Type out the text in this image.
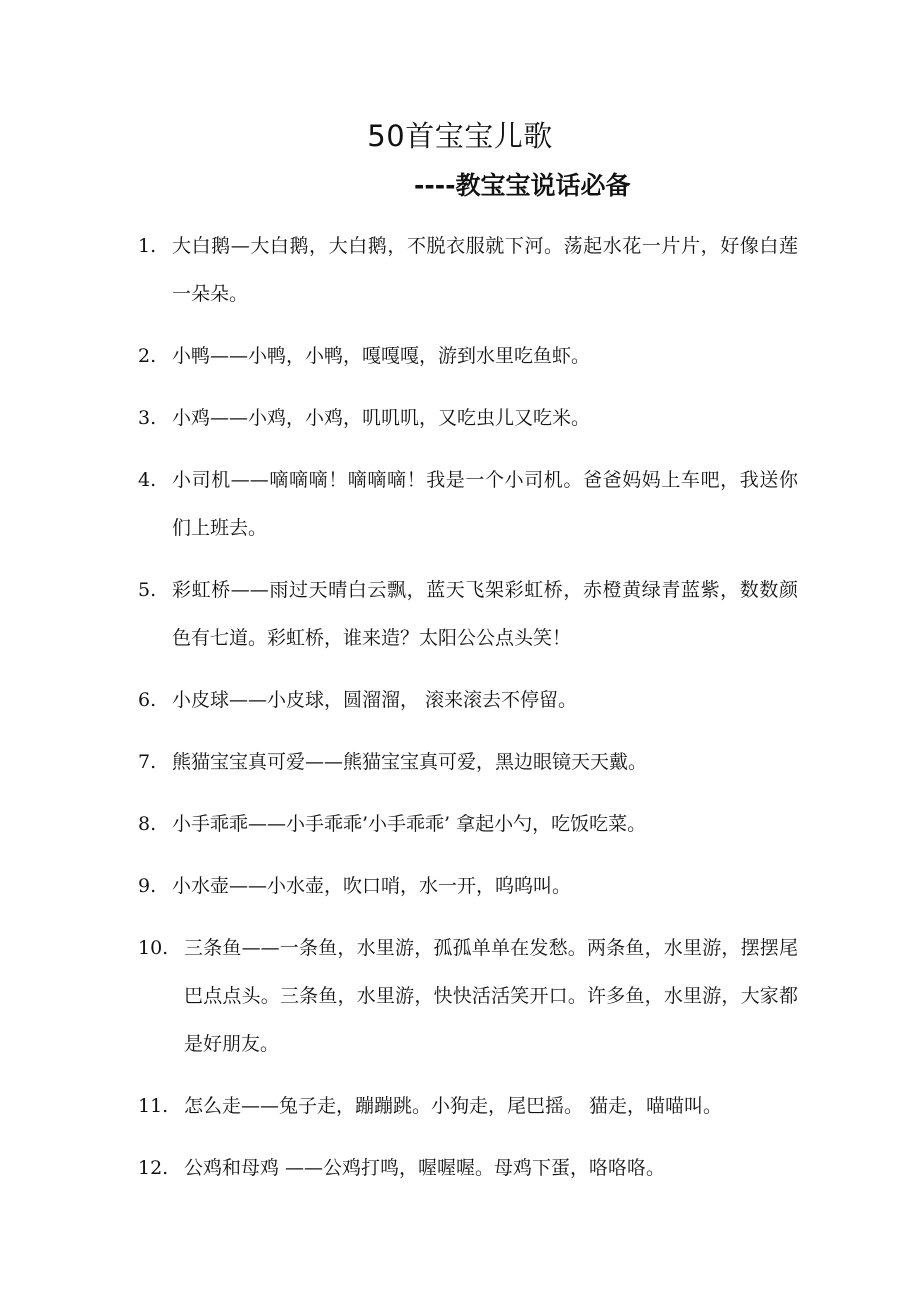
50首宝宝儿歌
----教宝宝说话必备
1. 大白鹅—大白鹅，大白鹅，不脱衣服就下河。荡起水花一片片，好像白莲一朵朵。
2. 小鸭——小鸭，小鸭，嘎嘎嘎，游到水里吃鱼虾。
3. 小鸡——小鸡，小鸡，叽叽叽，又吃虫儿又吃米。
4. 小司机——嘀嘀嘀！嘀嘀嘀！我是一个小司机。爸爸妈妈上车吧，我送你们上班去。
5. 彩虹桥——雨过天晴白云飘，蓝天飞架彩虹桥，赤橙黄绿青蓝紫，数数颜色有七道。彩虹桥，谁来造？太阳公公点头笑！
6. 小皮球——小皮球，圆溜溜， 滚来滚去不停留。
7. 熊猫宝宝真可爱——熊猫宝宝真可爱，黑边眼镜天天戴。
8. 小手乖乖——小手乖乖’小手乖乖’ 拿起小勺，吃饭吃菜。
9. 小水壶——小水壶，吹口哨，水一开，呜呜叫。
10. 三条鱼——一条鱼，水里游，孤孤单单在发愁。两条鱼，水里游，摆摆尾巴点点头。三条鱼，水里游，快快活活笑开口。许多鱼，水里游，大家都是好朋友。
11. 怎么走——兔子走，蹦蹦跳。小狗走，尾巴摇。 猫走，喵喵叫。
12. 公鸡和母鸡 ——公鸡打鸣，喔喔喔。母鸡下蛋，咯咯咯。
